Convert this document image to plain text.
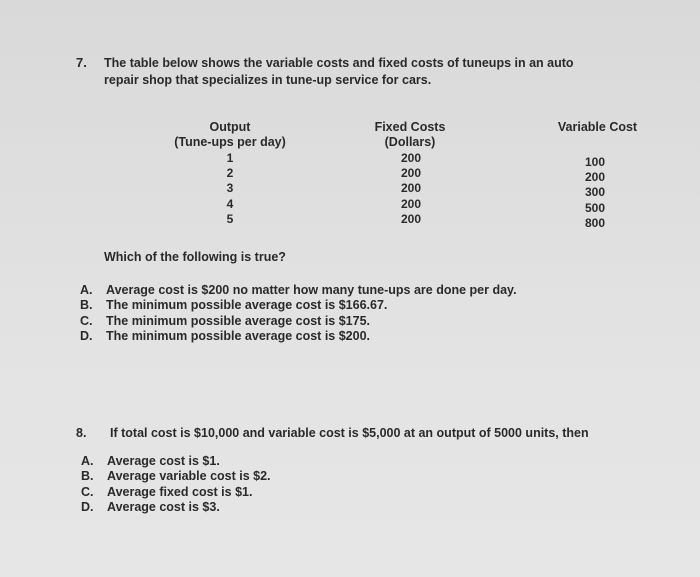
7. The table below shows the variable costs and fixed costs of tuneups in an auto
repair shop that specializes in tune-up service for cars.
Output
(Tune-ups per day)
Fixed Costs
(Dollars)
Variable Cost
1
2
3
4
5
200
200
200
200
200
100
200
300
500
800
Which of the following is true?
A. Average cost is $200 no matter how many tune-ups are done per day.
B. The minimum possible average cost is $166.67.
C. The minimum possible average cost is $175.
D. The minimum possible average cost is $200.
8. If total cost is $10,000 and variable cost is $5,000 at an output of 5000 units, then
A. Average cost is $1.
B. Average variable cost is $2.
C. Average fixed cost is $1.
D. Average cost is $3.
